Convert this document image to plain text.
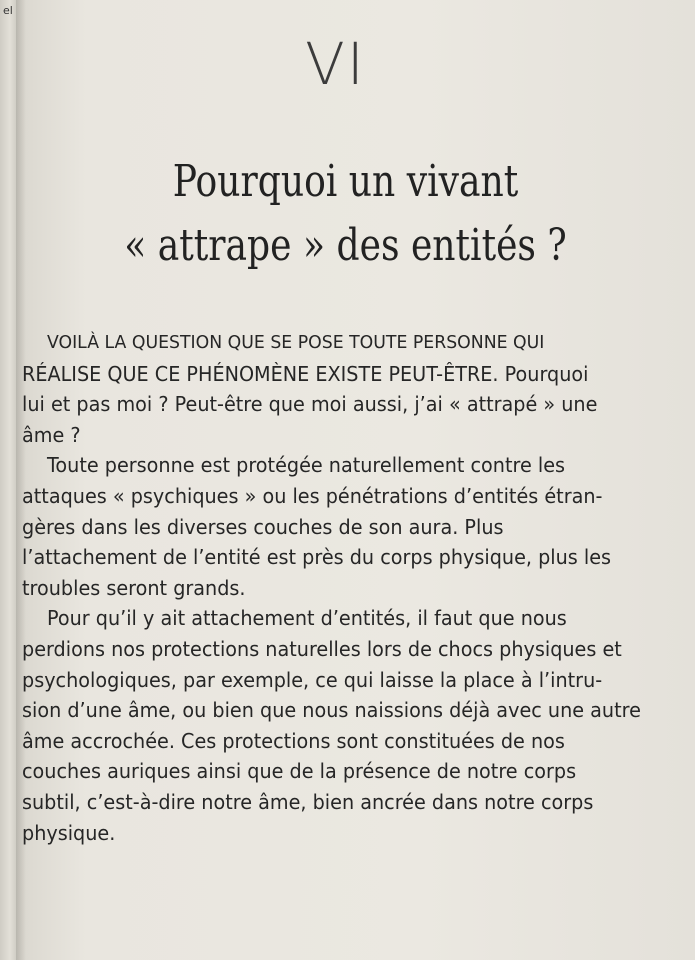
el
VI
Pourquoi un vivant
« attrape » des entités ?
VOILÀ LA QUESTION QUE SE POSE TOUTE PERSONNE QUI
RÉALISE QUE CE PHÉNOMÈNE EXISTE PEUT-ÊTRE. Pourquoi
lui et pas moi ? Peut-être que moi aussi, j’ai « attrapé » une
âme ?
Toute personne est protégée naturellement contre les
attaques « psychiques » ou les pénétrations d’entités étran-
gères dans les diverses couches de son aura. Plus
l’attachement de l’entité est près du corps physique, plus les
troubles seront grands.
Pour qu’il y ait attachement d’entités, il faut que nous
perdions nos protections naturelles lors de chocs physiques et
psychologiques, par exemple, ce qui laisse la place à l’intru-
sion d’une âme, ou bien que nous naissions déjà avec une autre
âme accrochée. Ces protections sont constituées de nos
couches auriques ainsi que de la présence de notre corps
subtil, c’est-à-dire notre âme, bien ancrée dans notre corps
physique.
